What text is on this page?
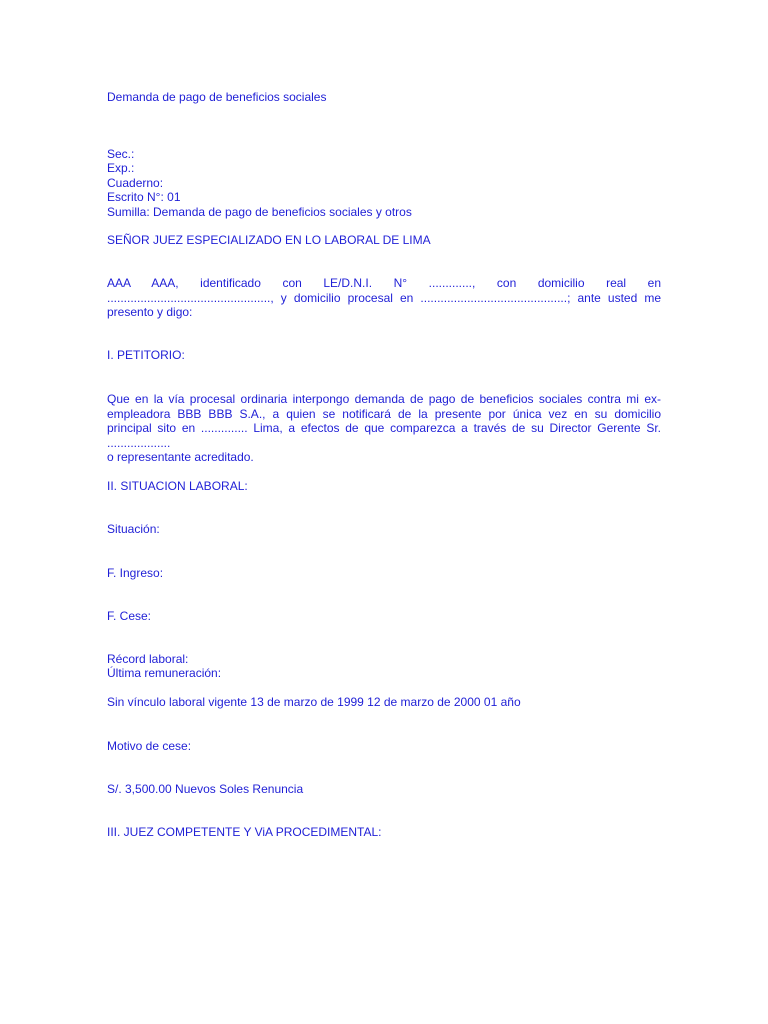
Demanda de pago de beneficios sociales
Sec.:
Exp.:
Cuaderno:
Escrito N°: 01
Sumilla: Demanda de pago de beneficios sociales y otros
SEÑOR JUEZ ESPECIALIZADO EN LO LABORAL DE LIMA
AAA AAA, identificado con LE/D.N.I. N° ............., con domicilio real en
................................................., y domicilio procesal en ............................................; ante usted me
presento y digo:
I. PETITORIO:
Que en la vía procesal ordinaria interpongo demanda de pago de beneficios sociales contra mi ex-
empleadora BBB BBB S.A., a quien se notificará de la presente por única vez en su domicilio
principal sito en .............. Lima, a efectos de que comparezca a través de su Director Gerente Sr.
...................
o representante acreditado.
II. SITUACION LABORAL:
Situación:
F. Ingreso:
F. Cese:
Récord laboral:
Última remuneración:
Sin vínculo laboral vigente 13 de marzo de 1999 12 de marzo de 2000 01 año
Motivo de cese:
S/. 3,500.00 Nuevos Soles Renuncia
III. JUEZ COMPETENTE Y ViA PROCEDIMENTAL:
